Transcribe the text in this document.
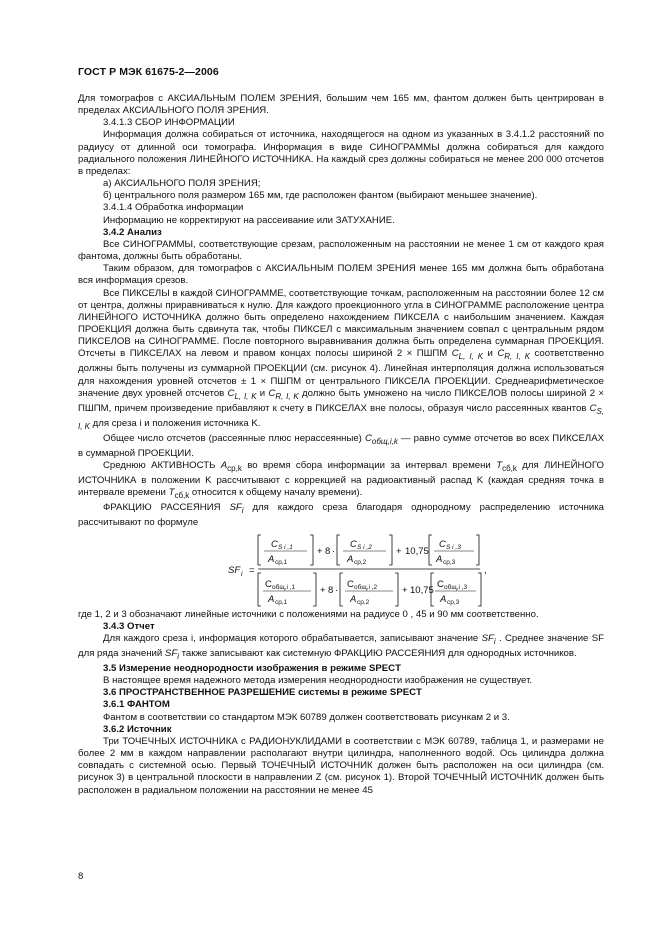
ГОСТ Р МЭК 61675-2—2006

Для томографов с АКСИАЛЬНЫМ ПОЛЕМ ЗРЕНИЯ, большим чем 165 мм, фантом должен быть центрирован в пределах АКСИАЛЬНОГО ПОЛЯ ЗРЕНИЯ.

3.4.1.3 СБОР ИНФОРМАЦИИ

Информация должна собираться от источника, находящегося на одном из указанных в 3.4.1.2 расстояний по радиусу от длинной оси томографа. Информация в виде СИНОГРАММЫ должна собираться для каждого радиального положения ЛИНЕЙНОГО ИСТОЧНИКА. На каждый срез должны собираться не менее 200 000 отсчетов в пределах:

а) АКСИАЛЬНОГО ПОЛЯ ЗРЕНИЯ;

б) центрального поля размером 165 мм, где расположен фантом (выбирают меньшее значение).

3.4.1.4 Обработка информации

Информацию не корректируют на рассеивание или ЗАТУХАНИЕ.

3.4.2 Анализ

Все СИНОГРАММЫ, соответствующие срезам, расположенным на расстоянии не менее 1 см от каждого края фантома, должны быть обработаны.

Таким образом, для томографов с АКСИАЛЬНЫМ ПОЛЕМ ЗРЕНИЯ менее 165 мм должна быть обработана вся информация срезов.

Все ПИКСЕЛЫ в каждой СИНОГРАММЕ, соответствующие точкам, расположенным на расстоянии более 12 см от центра, должны приравниваться к нулю. Для каждого проекционного угла в СИНОГРАММЕ расположение центра ЛИНЕЙНОГО ИСТОЧНИКА должно быть определено нахождением ПИКСЕЛА с наибольшим значением. Каждая ПРОЕКЦИЯ должна быть сдвинута так, чтобы ПИКСЕЛ с максимальным значением совпал с центральным рядом ПИКСЕЛОВ на СИНОГРАММЕ. После повторного выравнивания должна быть определена суммарная ПРОЕКЦИЯ. Отсчеты в ПИКСЕЛАХ на левом и правом концах полосы шириной 2 × ПШПМ $C_{L, I, K}$ и $C_{R, I, K}$ соответственно должны быть получены из суммарной ПРОЕКЦИИ (см. рисунок 4). Линейная интерполяция должна использоваться для нахождения уровней отсчетов ± 1 × ПШПМ от центрального ПИКСЕЛА ПРОЕКЦИИ. Среднеарифметическое значение двух уровней отсчетов $C_{L, I, K}$ и $C_{R, I, K}$ должно быть умножено на число ПИКСЕЛОВ полосы шириной 2 × ПШПМ, причем произведение прибавляют к счету в ПИКСЕЛАХ вне полосы, образуя число рассеянных квантов $C_{S, I, K}$ для среза i и положения источника K.

Общее число отсчетов (рассеянные плюс нерассеянные) $C_{общ,i,k}$ — равно сумме отсчетов во всех ПИКСЕЛАХ в суммарной ПРОЕКЦИИ.

Среднюю АКТИВНОСТЬ $A_{ср,k}$ во время сбора информации за интервал времени $T_{сб,k}$ для ЛИНЕЙНОГО ИСТОЧНИКА в положении K рассчитывают с коррекцией на радиоактивный распад K (каждая средняя точка в интервале времени $T_{сб,k}$ относится к общему началу времени).

ФРАКЦИЮ РАССЕЯНИЯ $SF_i$ для каждого среза благодаря однородному распределению источника рассчитывают по формуле

SF i =
C S i ,1
A ср,1
+ 8 ·
C S i ,2
A ср,2
+ 10,75
C S i ,3
A ср,3
C общ,i ,1
A ср,1
+ 8 ·
C общ,i ,2
A ср,2
+ 10,75
C общ,i ,3
A ср,3
,

где 1, 2 и 3 обозначают линейные источники с положениями на радиусе 0 , 45 и 90 мм соответственно.

3.4.3 Отчет

Для каждого среза i, информация которого обрабатывается, записывают значение $SF_i$ . Среднее значение SF для ряда значений $SF_i$ также записывают как системную ФРАКЦИЮ РАССЕЯНИЯ для однородных источников.

3.5 Измерение неоднородности изображения в режиме SPECT

В настоящее время надежного метода измерения неоднородности изображения не существует.

3.6 ПРОСТРАНСТВЕННОЕ РАЗРЕШЕНИЕ системы в режиме SPECT

3.6.1 ФАНТОМ

Фантом в соответствии со стандартом МЭК 60789 должен соответствовать рисункам 2 и 3.

3.6.2 Источник

Три ТОЧЕЧНЫХ ИСТОЧНИКА с РАДИОНУКЛИДАМИ в соответствии с МЭК 60789, таблица 1, и размерами не более 2 мм в каждом направлении располагают внутри цилиндра, наполненного водой. Ось цилиндра должна совпадать с системной осью. Первый ТОЧЕЧНЫЙ ИСТОЧНИК должен быть расположен на оси цилиндра (см. рисунок 3) в центральной плоскости в направлении Z (см. рисунок 1). Второй ТОЧЕЧНЫЙ ИСТОЧНИК должен быть расположен в радиальном положении на расстоянии не менее 45

8
